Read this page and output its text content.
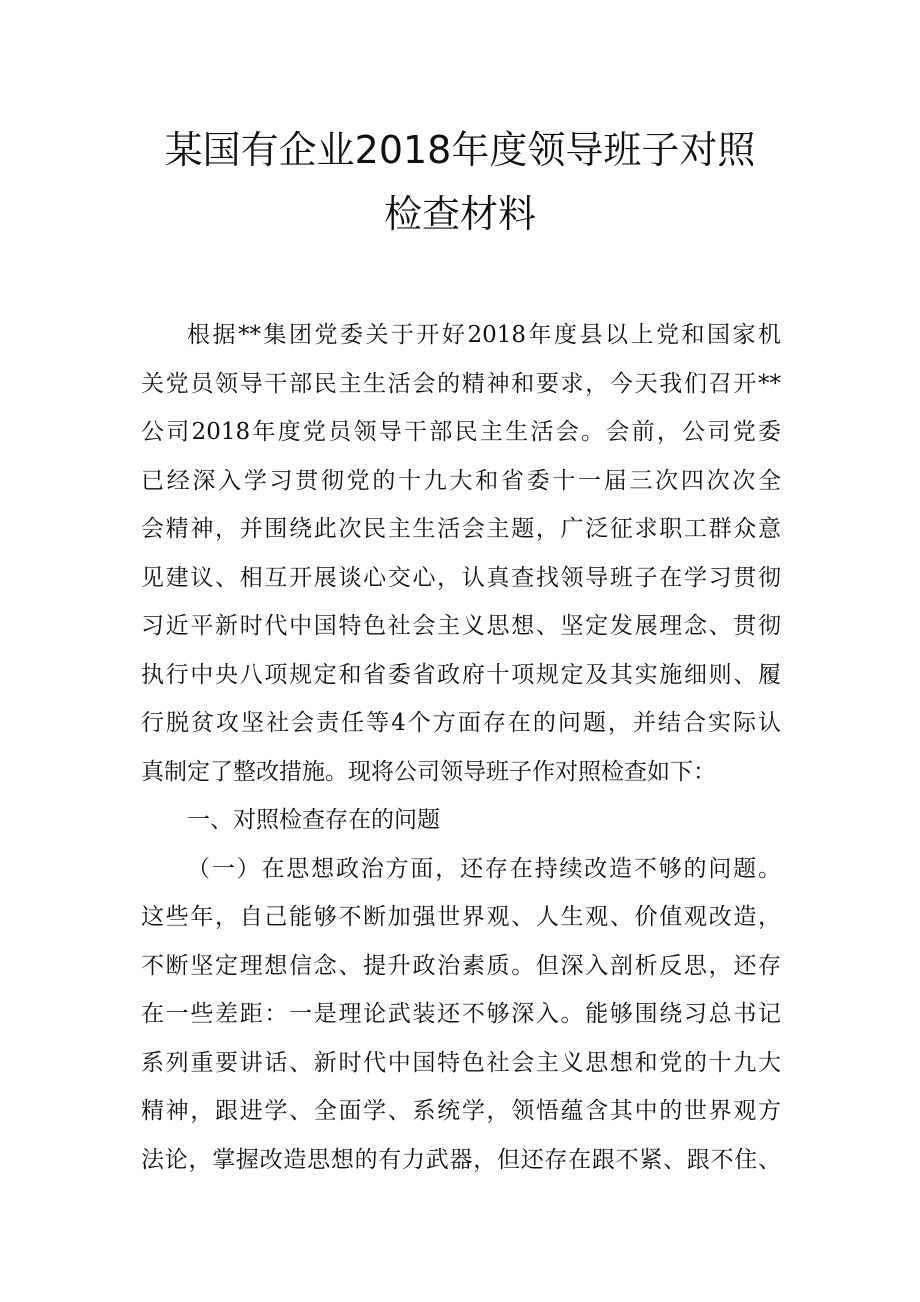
某国有企业2018年度领导班子对照
检查材料
根据**集团党委关于开好2018年度县以上党和国家机
关党员领导干部民主生活会的精神和要求，今天我们召开**
公司2018年度党员领导干部民主生活会。会前，公司党委
已经深入学习贯彻党的十九大和省委十一届三次四次次全
会精神，并围绕此次民主生活会主题，广泛征求职工群众意
见建议、相互开展谈心交心，认真查找领导班子在学习贯彻
习近平新时代中国特色社会主义思想、坚定发展理念、贯彻
执行中央八项规定和省委省政府十项规定及其实施细则、履
行脱贫攻坚社会责任等4个方面存在的问题，并结合实际认
真制定了整改措施。现将公司领导班子作对照检查如下：
一、对照检查存在的问题
（一）在思想政治方面，还存在持续改造不够的问题。
这些年，自己能够不断加强世界观、人生观、价值观改造，
不断坚定理想信念、提升政治素质。但深入剖析反思，还存
在一些差距：一是理论武装还不够深入。能够围绕习总书记
系列重要讲话、新时代中国特色社会主义思想和党的十九大
精神，跟进学、全面学、系统学，领悟蕴含其中的世界观方
法论，掌握改造思想的有力武器，但还存在跟不紧、跟不住、
